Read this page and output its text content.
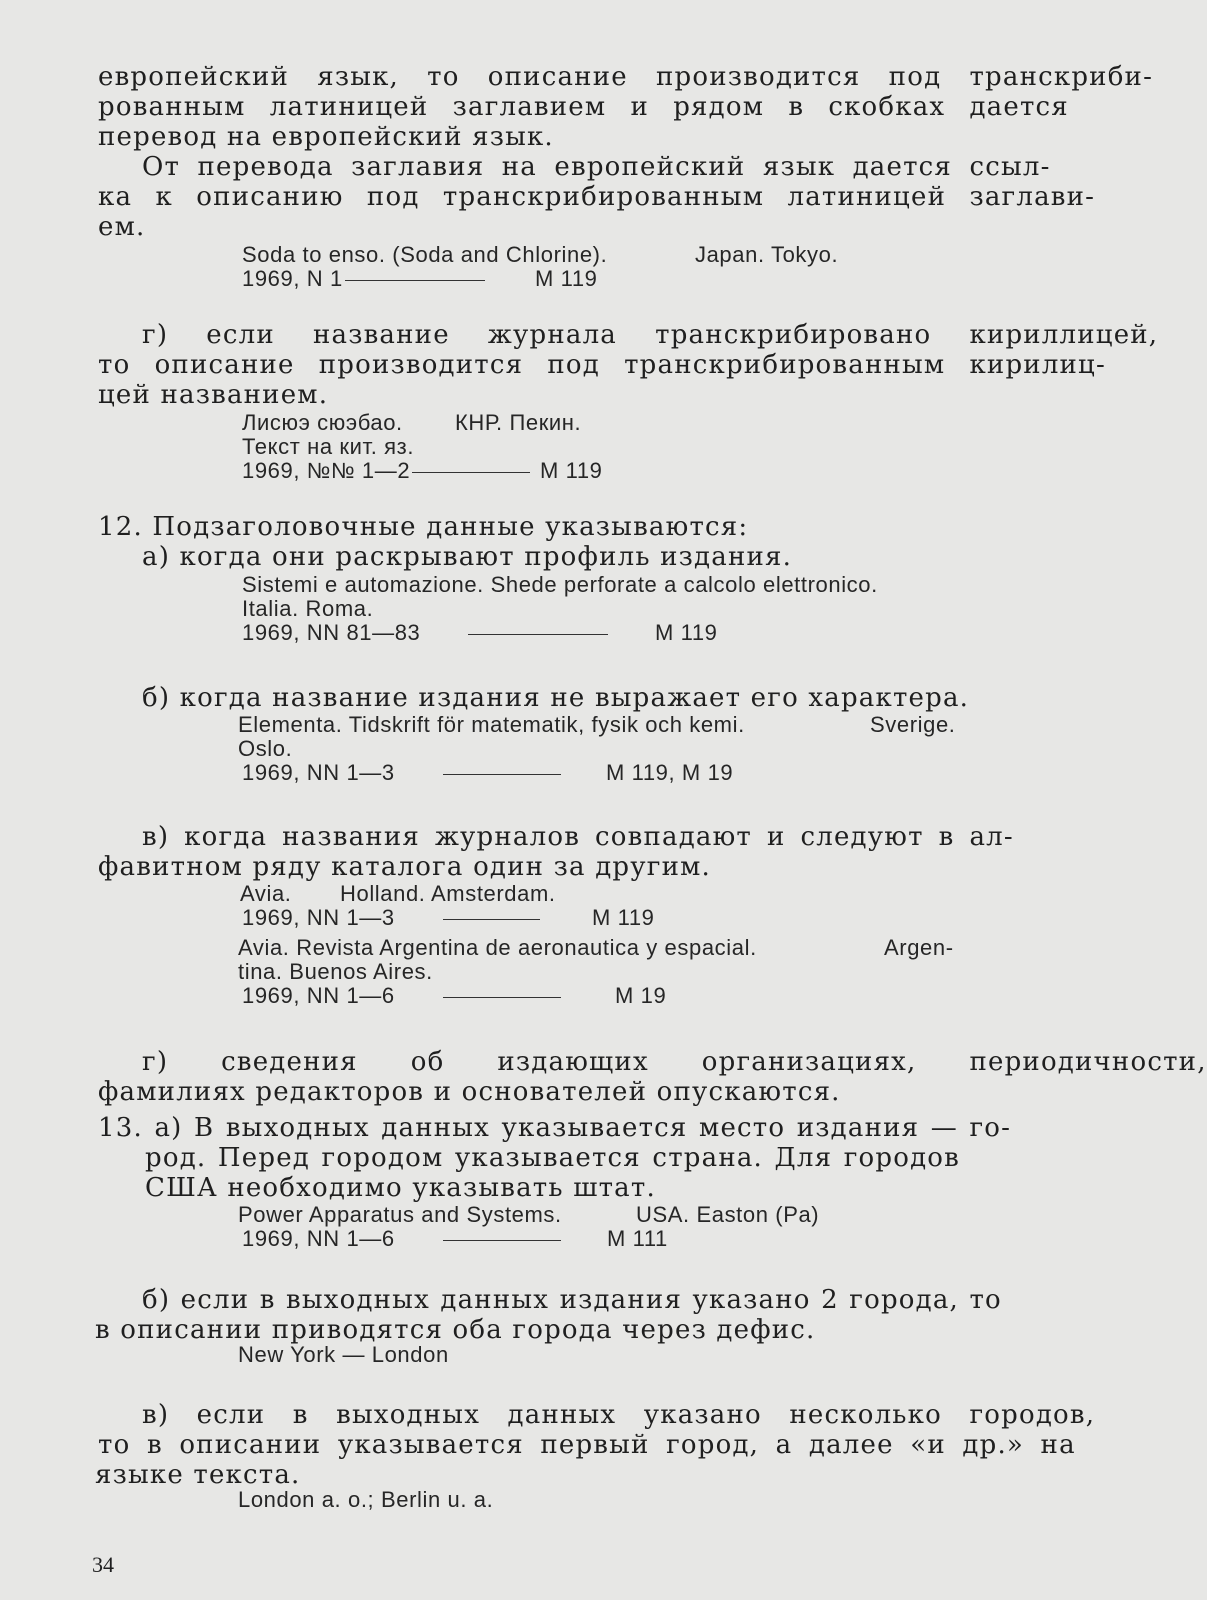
европейский язык, то описание производится под транскриби-

рованным латиницей заглавием и рядом в скобках дается

перевод на европейский язык.

От перевода заглавия на европейский язык дается ссыл-

ка к описанию под транскрибированным латиницей заглави-

ем.

Soda to enso. (Soda and Chlorine).	Japan. Tokyo.
1969, N 1	M 119

г) если название журнала транскрибировано кириллицей,

то описание производится под транскрибированным кирилиц-

цей названием.

Лисюэ сюэбао. КНР. Пекин.
Текст на кит. яз.
1969, №№ 1—2	М 119

12. Подзаголовочные данные указываются:

а) когда они раскрывают профиль издания.

Sistemi e automazione. Shede perforate a calcolo elettronico.
Italia. Roma.
1969, NN 81—83	M 119

б) когда название издания не выражает его характера.

Elementa. Tidskrift för matematik, fysik och kemi.	Sverige.
Oslo.
1969, NN 1—3	M 119, M 19

в) когда названия журналов совпадают и следуют в ал-

фавитном ряду каталога один за другим.

Avia. Holland. Amsterdam.
1969, NN 1—3	M 119
Avia. Revista Argentina de aeronautica y espacial.	Argen-
tina. Buenos Aires.
1969, NN 1—6	M 19

г) сведения об издающих организациях, периодичности,

фамилиях редакторов и основателей опускаются.

13. а) В выходных данных указывается место издания — го-

род. Перед городом указывается страна. Для городов

США необходимо указывать штат.

Power Apparatus and Systems.	USA. Easton (Pa)
1969, NN 1—6	M 111

б) если в выходных данных издания указано 2 города, то

в описании приводятся оба города через дефис.

New York — London

в) если в выходных данных указано несколько городов,

то в описании указывается первый город, а далее «и др.» на

языке текста.

London a. o.; Berlin u. a.
34
